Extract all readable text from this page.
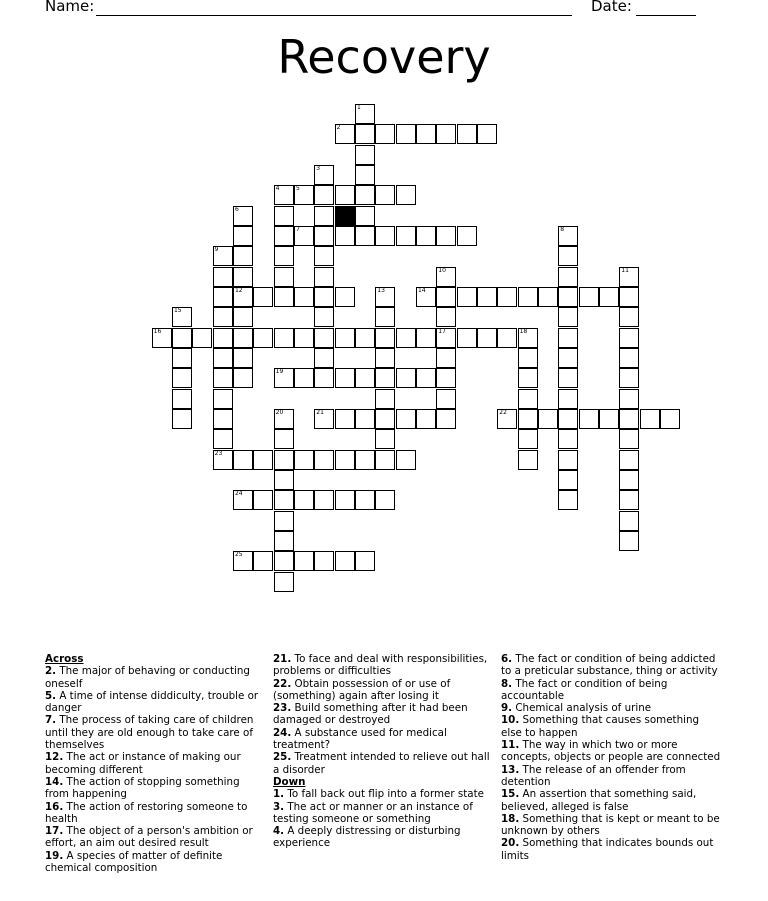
Name:	Date:
Recovery
1
2
3
4	5
6
12
7	8
9
10
17
11
13	14
15
16	18
19
20	21	22
23
24
25
Across
2. The major of behaving or conducting oneself
5. A time of intense diddiculty, trouble or danger
7. The process of taking care of children until they are old enough to take care of themselves
12. The act or instance of making our becoming different
14. The action of stopping something from happening
16. The action of restoring someone to health
17. The object of a person's ambition or effort, an aim out desired result
19. A species of matter of definite chemical composition
21. To face and deal with responsibilities, problems or difficulties
22. Obtain possession of or use of (something) again after losing it
23. Build something after it had been damaged or destroyed
24. A substance used for medical treatment?
25. Treatment intended to relieve out hall a disorder
Down
1. To fall back out flip into a former state
3. The act or manner or an instance of testing someone or something
4. A deeply distressing or disturbing experience
6. The fact or condition of being addicted to a preticular substance, thing or activity
8. The fact or condition of being accountable
9. Chemical analysis of urine
10. Something that causes something else to happen
11. The way in which two or more concepts, objects or people are connected
13. The release of an offender from detention
15. An assertion that something said, believed, alleged is false
18. Something that is kept or meant to be unknown by others
20. Something that indicates bounds out limits
